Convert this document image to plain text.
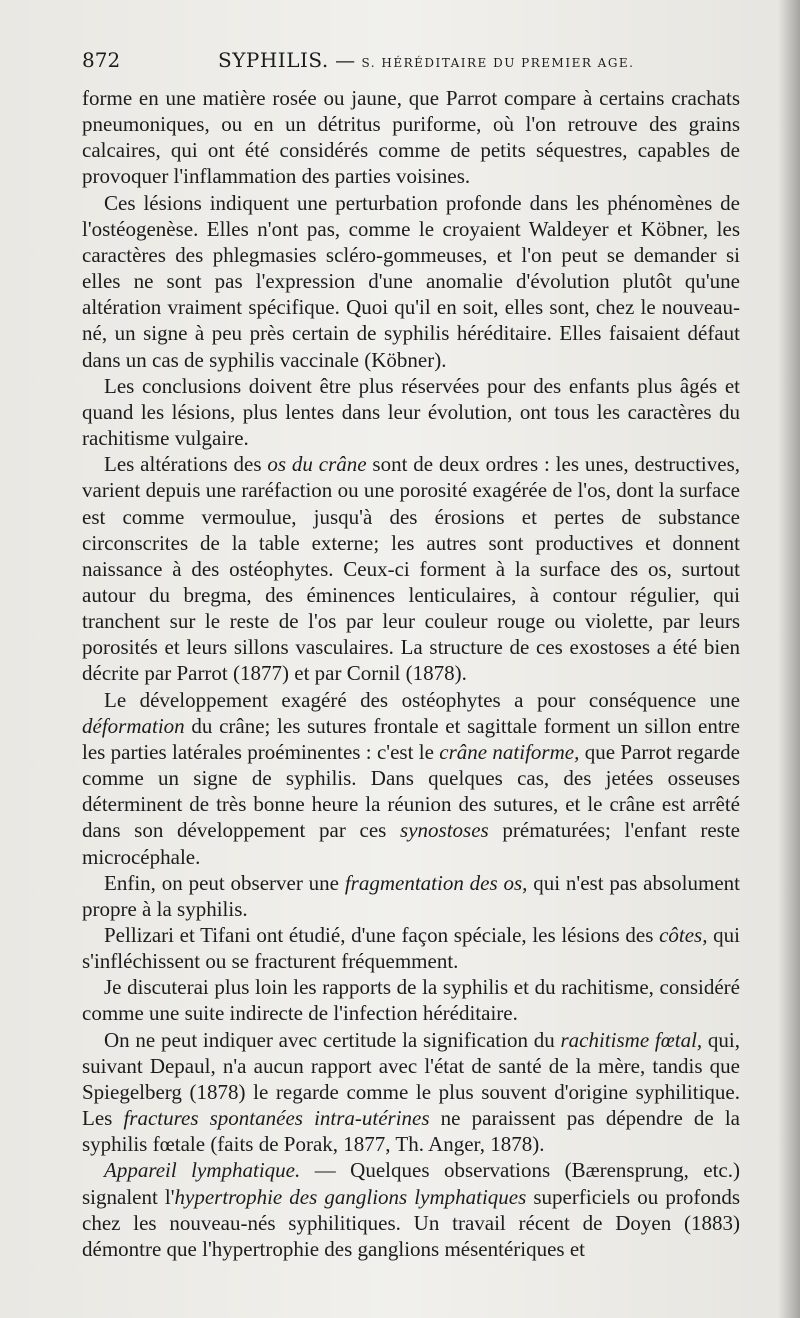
872	SYPHILIS. — S. HÉRÉDITAIRE DU PREMIER AGE.

forme en une matière rosée ou jaune, que Parrot compare à certains crachats pneumoniques, ou en un détritus puriforme, où l'on retrouve des grains calcaires, qui ont été considérés comme de petits séquestres, capables de provoquer l'inflammation des parties voisines.

Ces lésions indiquent une perturbation profonde dans les phénomènes de l'ostéogenèse. Elles n'ont pas, comme le croyaient Waldeyer et Köbner, les caractères des phlegmasies scléro-gommeuses, et l'on peut se demander si elles ne sont pas l'expression d'une anomalie d'évolution plutôt qu'une altération vraiment spécifique. Quoi qu'il en soit, elles sont, chez le nouveau-né, un signe à peu près certain de syphilis héréditaire. Elles faisaient défaut dans un cas de syphilis vaccinale (Köbner).

Les conclusions doivent être plus réservées pour des enfants plus âgés et quand les lésions, plus lentes dans leur évolution, ont tous les caractères du rachitisme vulgaire.

Les altérations des os du crâne sont de deux ordres : les unes, destructives, varient depuis une raréfaction ou une porosité exagérée de l'os, dont la surface est comme vermoulue, jusqu'à des érosions et pertes de substance circonscrites de la table externe; les autres sont productives et donnent naissance à des ostéophytes. Ceux-ci forment à la surface des os, surtout autour du bregma, des éminences lenticulaires, à contour régulier, qui tranchent sur le reste de l'os par leur couleur rouge ou violette, par leurs porosités et leurs sillons vasculaires. La structure de ces exostoses a été bien décrite par Parrot (1877) et par Cornil (1878).

Le développement exagéré des ostéophytes a pour conséquence une déformation du crâne; les sutures frontale et sagittale forment un sillon entre les parties latérales proéminentes : c'est le crâne natiforme, que Parrot regarde comme un signe de syphilis. Dans quelques cas, des jetées osseuses déterminent de très bonne heure la réunion des sutures, et le crâne est arrêté dans son développement par ces synostoses prématurées; l'enfant reste microcéphale.

Enfin, on peut observer une fragmentation des os, qui n'est pas absolument propre à la syphilis.

Pellizari et Tifani ont étudié, d'une façon spéciale, les lésions des côtes, qui s'infléchissent ou se fracturent fréquemment.

Je discuterai plus loin les rapports de la syphilis et du rachitisme, considéré comme une suite indirecte de l'infection héréditaire.

On ne peut indiquer avec certitude la signification du rachitisme fœtal, qui, suivant Depaul, n'a aucun rapport avec l'état de santé de la mère, tandis que Spiegelberg (1878) le regarde comme le plus souvent d'origine syphilitique. Les fractures spontanées intra-utérines ne paraissent pas dépendre de la syphilis fœtale (faits de Porak, 1877, Th. Anger, 1878).

Appareil lymphatique. — Quelques observations (Bærensprung, etc.) signalent l'hypertrophie des ganglions lymphatiques superficiels ou profonds chez les nouveau-nés syphilitiques. Un travail récent de Doyen (1883) démontre que l'hypertrophie des ganglions mésentériques et
